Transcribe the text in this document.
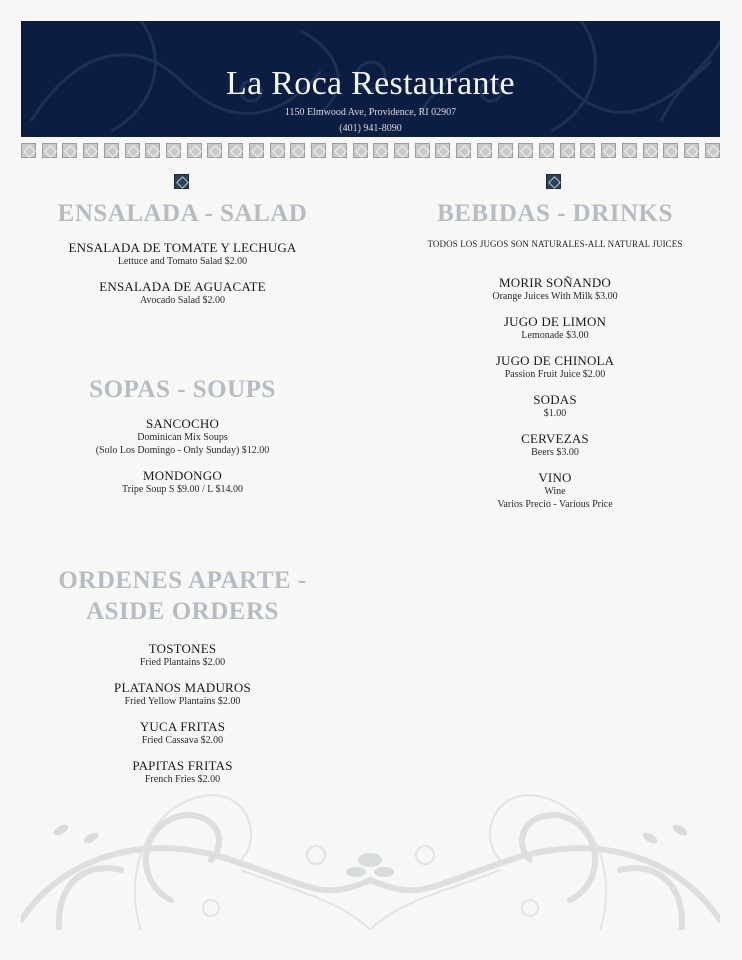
La Roca Restaurante
1150 Elmwood Ave, Providence, RI 02907
(401) 941-8090
ENSALADA - SALAD
ENSALADA DE TOMATE Y LECHUGA
Lettuce and Tomato Salad $2.00
ENSALADA DE AGUACATE
Avocado Salad $2.00
SOPAS - SOUPS
SANCOCHO
Dominican Mix Soups
(Solo Los Domingo - Only Sunday) $12.00
MONDONGO
Tripe Soup S $9.00 / L $14.00
ORDENES APARTE -
ASIDE ORDERS
TOSTONES
Fried Plantains $2.00
PLATANOS MADUROS
Fried Yellow Plantains $2.00
YUCA FRITAS
Fried Cassava $2.00
PAPITAS FRITAS
French Fries $2.00
BEBIDAS - DRINKS
TODOS LOS JUGOS SON NATURALES-ALL NATURAL JUICES
MORIR SOÑANDO
Orange Juices With Milk $3.00
JUGO DE LIMON
Lemonade $3.00
JUGO DE CHINOLA
Passion Fruit Juice $2.00
SODAS
$1.00
CERVEZAS
Beers $3.00
VINO
Wine
Varios Precio - Various Price
